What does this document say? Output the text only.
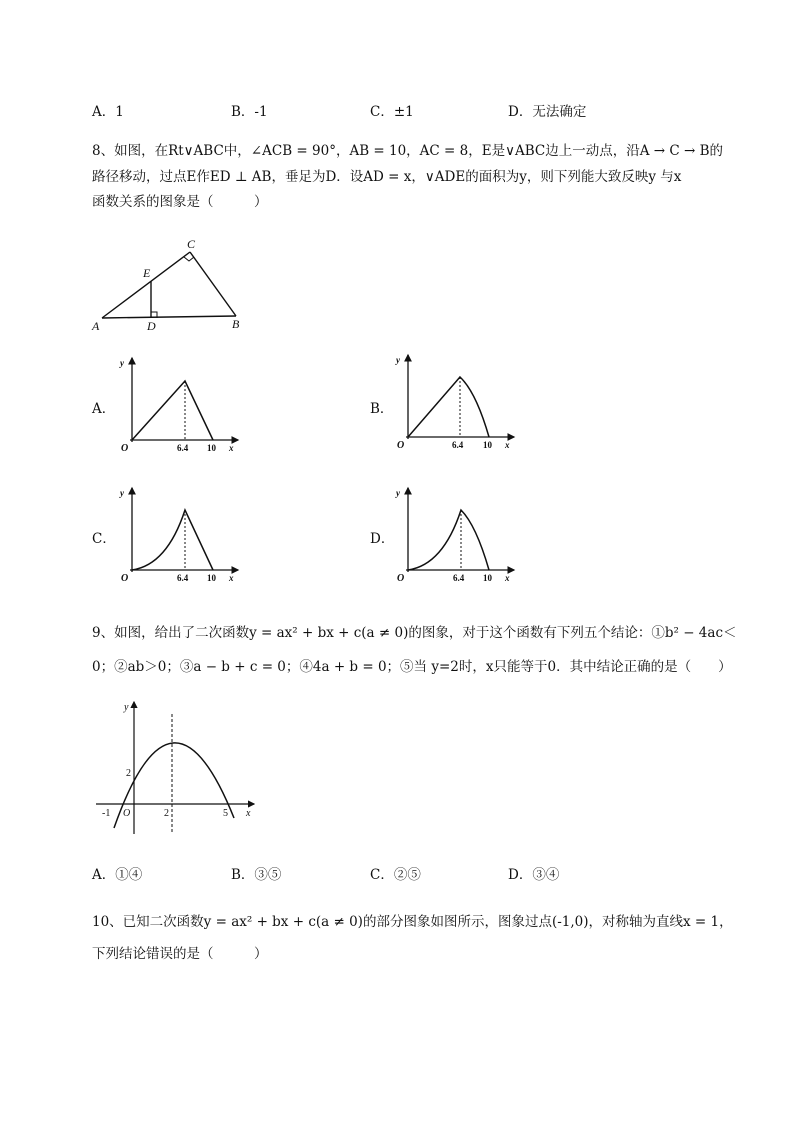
A．1	B．-1	C．±1	D．无法确定
8、如图，在Rt∨ABC中，∠ACB = 90°，AB = 10，AC = 8，E是∨ABC边上一动点，沿A → C → B的
路径移动，过点E作ED ⊥ AB，垂足为D．设AD = x，∨ADE的面积为y，则下列能大致反映y 与x
函数关系的图象是（　　　）
A	B
C
D
E
A．	B．
C．	D．
y
x
O	6.4 10
y
x
O	6.4 10
y
x
O	6.4 10
y
x
O	6.4 10
9、如图，给出了二次函数y = ax² + bx + c(a ≠ 0)的图象，对于这个函数有下列五个结论：①b² − 4ac＜
0；②ab＞0；③a − b + c = 0；④4a + b = 0；⑤当 y=2时，x只能等于0．其中结论正确的是（　　）
y
x
O
-1
2
2	5
A．①④	B．③⑤	C．②⑤	D．③④
10、已知二次函数y = ax² + bx + c(a ≠ 0)的部分图象如图所示，图象过点(-1,0)，对称轴为直线x = 1，
下列结论错误的是（　　　）
